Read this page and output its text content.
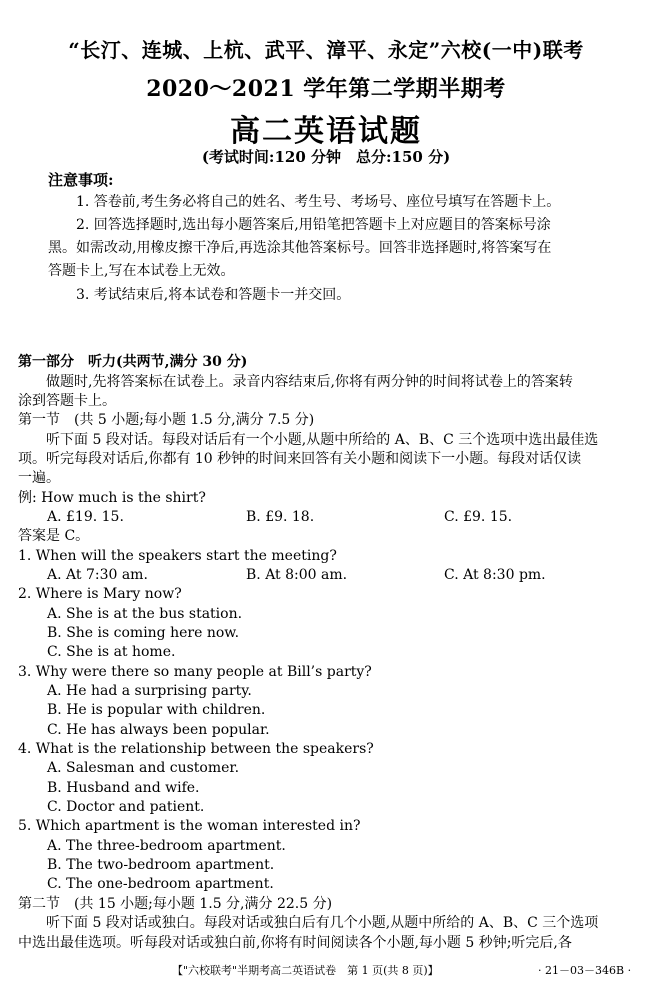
“长汀、连城、上杭、武平、漳平、永定”六校(一中)联考
2020～2021 学年第二学期半期考
高二英语试题
(考试时间:120 分钟　总分:150 分)
注意事项:
1. 答卷前,考生务必将自己的姓名、考生号、考场号、座位号填写在答题卡上。
2. 回答选择题时,选出每小题答案后,用铅笔把答题卡上对应题目的答案标号涂
黑。如需改动,用橡皮擦干净后,再选涂其他答案标号。回答非选择题时,将答案写在
答题卡上,写在本试卷上无效。
3. 考试结束后,将本试卷和答题卡一并交回。
第一部分　听力(共两节,满分 30 分)
做题时,先将答案标在试卷上。录音内容结束后,你将有两分钟的时间将试卷上的答案转
涂到答题卡上。
第一节　(共 5 小题;每小题 1.5 分,满分 7.5 分)
听下面 5 段对话。每段对话后有一个小题,从题中所给的 A、B、C 三个选项中选出最佳选
项。听完每段对话后,你都有 10 秒钟的时间来回答有关小题和阅读下一小题。每段对话仅读
一遍。
例: How much is the shirt?
A. £19. 15.	B. £9. 18.	C. £9. 15.
答案是 C。
1. When will the speakers start the meeting?
A. At 7:30 am.	B. At 8:00 am.	C. At 8:30 pm.
2. Where is Mary now?
A. She is at the bus station.
B. She is coming here now.
C. She is at home.
3. Why were there so many people at Bill’s party?
A. He had a surprising party.
B. He is popular with children.
C. He has always been popular.
4. What is the relationship between the speakers?
A. Salesman and customer.
B. Husband and wife.
C. Doctor and patient.
5. Which apartment is the woman interested in?
A. The three-bedroom apartment.
B. The two-bedroom apartment.
C. The one-bedroom apartment.
第二节　(共 15 小题;每小题 1.5 分,满分 22.5 分)
听下面 5 段对话或独白。每段对话或独白后有几个小题,从题中所给的 A、B、C 三个选项
中选出最佳选项。听每段对话或独白前,你将有时间阅读各个小题,每小题 5 秒钟;听完后,各
【"六校联考"半期考高二英语试卷　第 1 页(共 8 页)】	· 21－03－346B ·
